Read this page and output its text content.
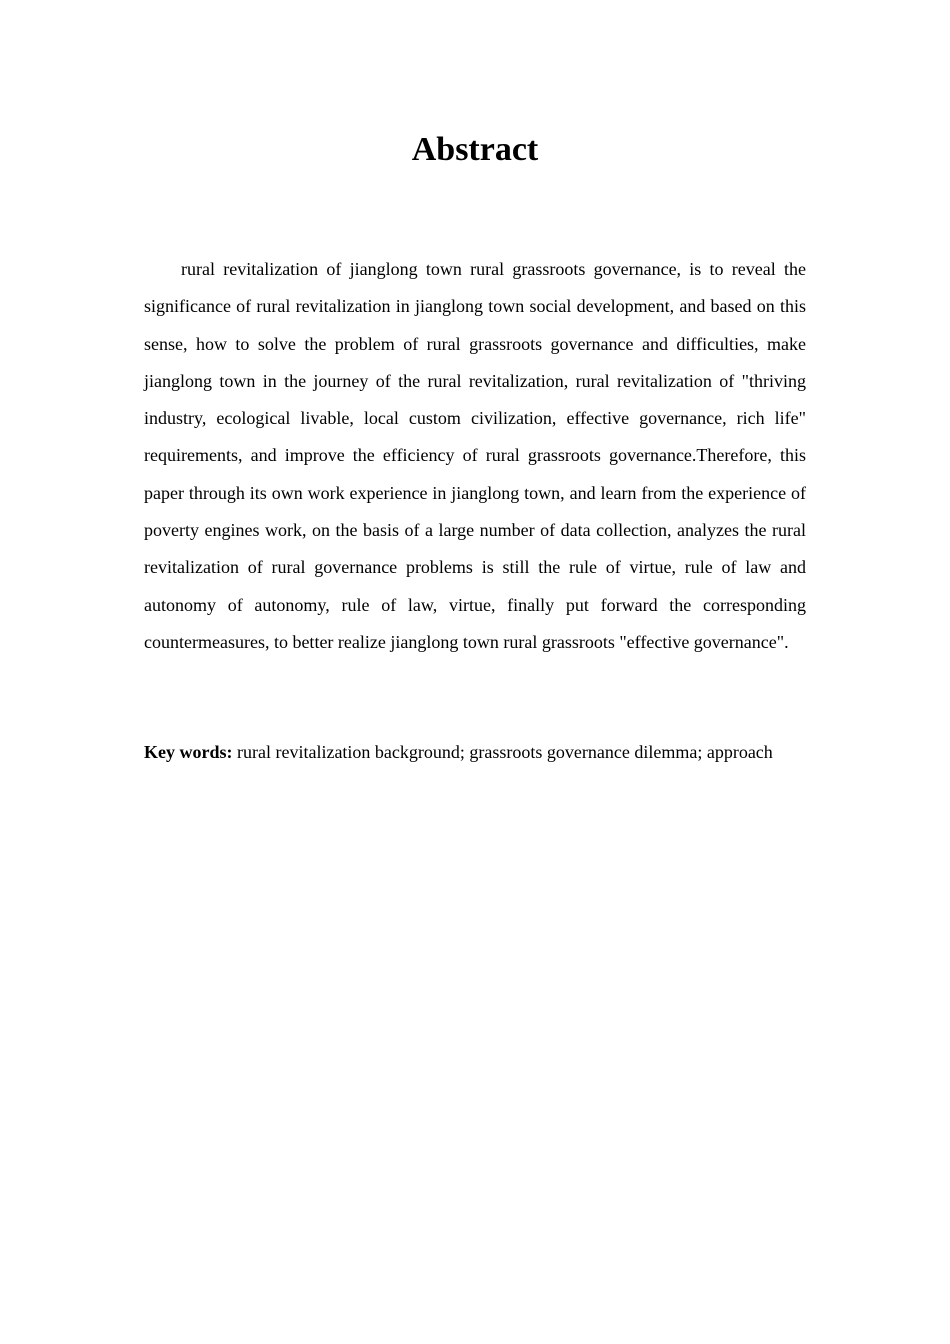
Abstract

rural revitalization of jianglong town rural grassroots governance, is to reveal the significance of rural revitalization in jianglong town social development, and based on this sense, how to solve the problem of rural grassroots governance and difficulties, make jianglong town in the journey of the rural revitalization, rural revitalization of "thriving industry, ecological livable, local custom civilization, effective governance, rich life" requirements, and improve the efficiency of rural grassroots governance.Therefore, this paper through its own work experience in jianglong town, and learn from the experience of poverty engines work, on the basis of a large number of data collection, analyzes the rural revitalization of rural governance problems is still the rule of virtue, rule of law and autonomy of autonomy, rule of law, virtue, finally put forward the corresponding countermeasures, to better realize jianglong town rural grassroots "effective governance".

Key words: rural revitalization background; grassroots governance dilemma; approach
